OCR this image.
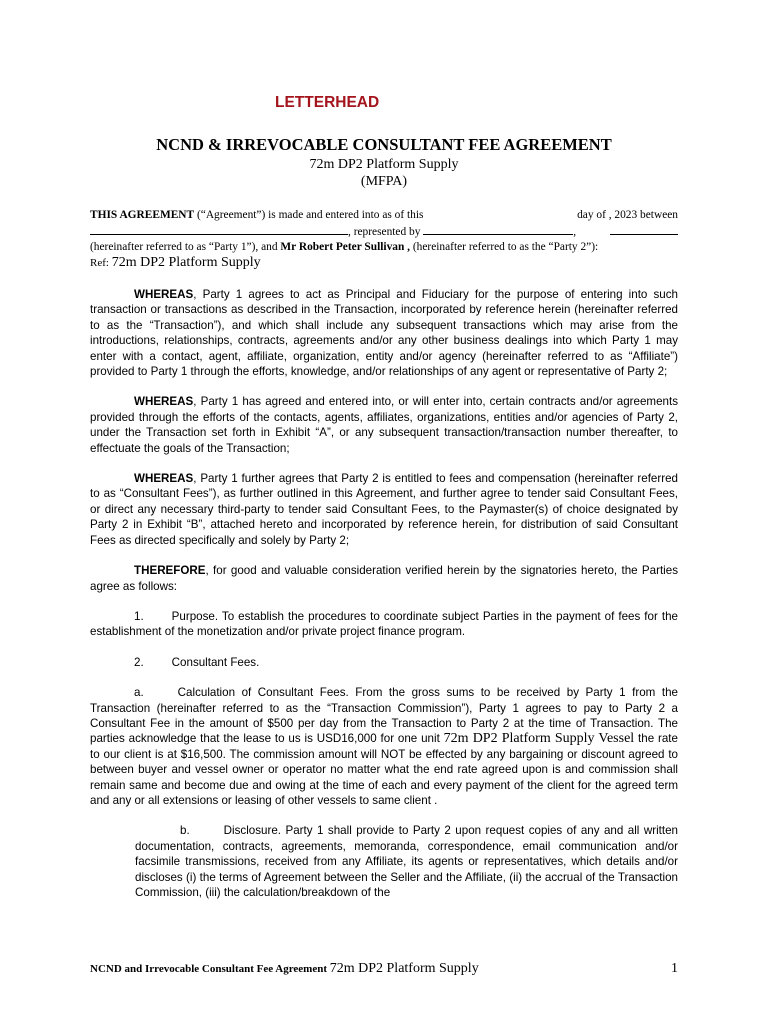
LETTERHEAD
NCND & IRREVOCABLE CONSULTANT FEE AGREEMENT
72m DP2 Platform Supply
(MFPA)
THIS AGREEMENT (“Agreement”) is made and entered into as of this	day of , 2023 between
, represented by	,
(hereinafter referred to as “Party 1”), and Mr Robert Peter Sullivan , (hereinafter referred to as the “Party 2”):
Ref: 72m DP2 Platform Supply

WHEREAS, Party 1 agrees to act as Principal and Fiduciary for the purpose of entering into such transaction or transactions as described in the Transaction, incorporated by reference herein (hereinafter referred to as the “Transaction”), and which shall include any subsequent transactions which may arise from the introductions, relationships, contracts, agreements and/or any other business dealings into which Party 1 may enter with a contact, agent, affiliate, organization, entity and/or agency (hereinafter referred to as “Affiliate”) provided to Party 1 through the efforts, knowledge, and/or relationships of any agent or representative of Party 2;

WHEREAS, Party 1 has agreed and entered into, or will enter into, certain contracts and/or agreements provided through the efforts of the contacts, agents, affiliates, organizations, entities and/or agencies of Party 2, under the Transaction set forth in Exhibit “A”, or any subsequent transaction/transaction number thereafter, to effectuate the goals of the Transaction;

WHEREAS, Party 1 further agrees that Party 2 is entitled to fees and compensation (hereinafter referred to as “Consultant Fees”), as further outlined in this Agreement, and further agree to tender said Consultant Fees, or direct any necessary third-party to tender said Consultant Fees, to the Paymaster(s) of choice designated by Party 2 in Exhibit “B”, attached hereto and incorporated by reference herein, for distribution of said Consultant Fees as directed specifically and solely by Party 2;

THEREFORE, for good and valuable consideration verified herein by the signatories hereto, the Parties agree as follows:

1. Purpose. To establish the procedures to coordinate subject Parties in the payment of fees for the establishment of the monetization and/or private project finance program.

2. Consultant Fees.

a.	Calculation of Consultant Fees. From the gross sums to be received by Party 1 from the Transaction (hereinafter referred to as the “Transaction Commission”), Party 1 agrees to pay to Party 2 a Consultant Fee in the amount of $500 per day from the Transaction to Party 2 at the time of Transaction. The parties acknowledge that the lease to us is USD16,000 for one unit 72m DP2 Platform Supply Vessel the rate to our client is at $16,500. The commission amount will NOT be effected by any bargaining or discount agreed to between buyer and vessel owner or operator no matter what the end rate agreed upon is and commission shall remain same and become due and owing at the time of each and every payment of the client for the agreed term and any or all extensions or leasing of other vessels to same client .

b.	Disclosure. Party 1 shall provide to Party 2 upon request copies of any and all written documentation, contracts, agreements, memoranda, correspondence, email communication and/or facsimile transmissions, received from any Affiliate, its agents or representatives, which details and/or discloses (i) the terms of Agreement between the Seller and the Affiliate, (ii) the accrual of the Transaction Commission, (iii) the calculation/breakdown of the

NCND and Irrevocable Consultant Fee Agreement 72m DP2 Platform Supply	1
